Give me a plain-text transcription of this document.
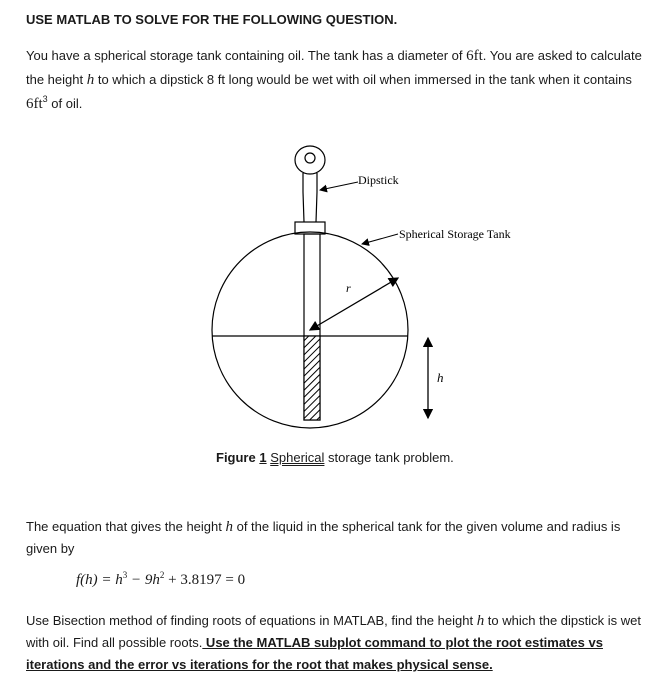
USE MATLAB TO SOLVE FOR THE FOLLOWING QUESTION.
You have a spherical storage tank containing oil. The tank has a diameter of 6ft. You are asked to calculate the height h to which a dipstick 8 ft long would be wet with oil when immersed in the tank when it contains $6ft^3$ of oil.
Dipstick
Spherical Storage Tank
r
h
Figure 1 Spherical storage tank problem.
The equation that gives the height h of the liquid in the spherical tank for the given volume and radius is given by
$f(h) = h^3 - 9h^2 + 3.8197 = 0$
Use Bisection method of finding roots of equations in MATLAB, find the height h to which the dipstick is wet with oil. Find all possible roots. Use the MATLAB subplot command to plot the root estimates vs iterations and the error vs iterations for the root that makes physical sense.
